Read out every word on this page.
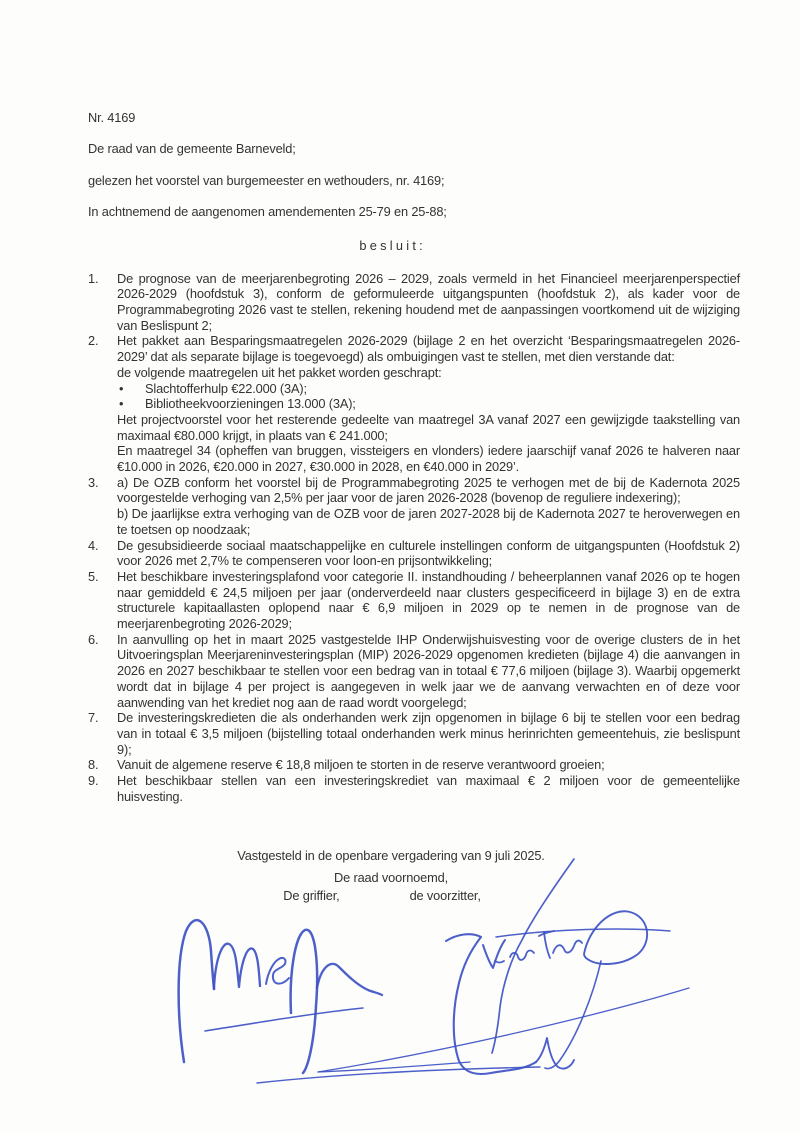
Nr. 4169

De raad van de gemeente Barneveld;

gelezen het voorstel van burgemeester en wethouders, nr. 4169;

In achtnemend de aangenomen amendementen 25-79 en 25-88;

b e s l u i t :
1.	De prognose van de meerjarenbegroting 2026 – 2029, zoals vermeld in het Financieel meerjarenperspectief 2026-2029 (hoofdstuk 3), conform de geformuleerde uitgangspunten (hoofdstuk 2), als kader voor de Programmabegroting 2026 vast te stellen, rekening houdend met de aanpassingen voortkomend uit de wijziging van Beslispunt 2;
2.	Het pakket aan Besparingsmaatregelen 2026-2029 (bijlage 2 en het overzicht ‘Besparingsmaatregelen 2026-2029’ dat als separate bijlage is toegevoegd) als ombuigingen vast te stellen, met dien verstande dat:
de volgende maatregelen uit het pakket worden geschrapt:
•	Slachtofferhulp €22.000 (3A);
•	Bibliotheekvoorzieningen 13.000 (3A);
Het projectvoorstel voor het resterende gedeelte van maatregel 3A vanaf 2027 een gewijzigde taakstelling van maximaal €80.000 krijgt, in plaats van € 241.000;
En maatregel 34 (opheffen van bruggen, vissteigers en vlonders) iedere jaarschijf vanaf 2026 te halveren naar €10.000 in 2026, €20.000 in 2027, €30.000 in 2028, en €40.000 in 2029’.
3.	a) De OZB conform het voorstel bij de Programmabegroting 2025 te verhogen met de bij de Kadernota 2025 voorgestelde verhoging van 2,5% per jaar voor de jaren 2026-2028 (bovenop de reguliere indexering);
b) De jaarlijkse extra verhoging van de OZB voor de jaren 2027-2028 bij de Kadernota 2027 te heroverwegen en te toetsen op noodzaak;
4.	De gesubsidieerde sociaal maatschappelijke en culturele instellingen conform de uitgangspunten (Hoofdstuk 2) voor 2026 met 2,7% te compenseren voor loon-en prijsontwikkeling;
5.	Het beschikbare investeringsplafond voor categorie II. instandhouding / beheerplannen vanaf 2026 op te hogen naar gemiddeld € 24,5 miljoen per jaar (onderverdeeld naar clusters gespecificeerd in bijlage 3) en de extra structurele kapitaallasten oplopend naar € 6,9 miljoen in 2029 op te nemen in de prognose van de meerjarenbegroting 2026-2029;
6.	In aanvulling op het in maart 2025 vastgestelde IHP Onderwijshuisvesting voor de overige clusters de in het Uitvoeringsplan Meerjareninvesteringsplan (MIP) 2026-2029 opgenomen kredieten (bijlage 4) die aanvangen in 2026 en 2027 beschikbaar te stellen voor een bedrag van in totaal € 77,6 miljoen (bijlage 3). Waarbij opgemerkt wordt dat in bijlage 4 per project is aangegeven in welk jaar we de aanvang verwachten en of deze voor aanwending van het krediet nog aan de raad wordt voorgelegd;
7.	De investeringskredieten die als onderhanden werk zijn opgenomen in bijlage 6 bij te stellen voor een bedrag van in totaal € 3,5 miljoen (bijstelling totaal onderhanden werk minus herinrichten gemeentehuis, zie beslispunt 9);
8.	Vanuit de algemene reserve € 18,8 miljoen te storten in de reserve verantwoord groeien;
9.	Het beschikbaar stellen van een investeringskrediet van maximaal € 2 miljoen voor de gemeentelijke huisvesting.

Vastgesteld in de openbare vergadering van 9 juli 2025.

De raad voornoemd,

De griffier,	de voorzitter,
